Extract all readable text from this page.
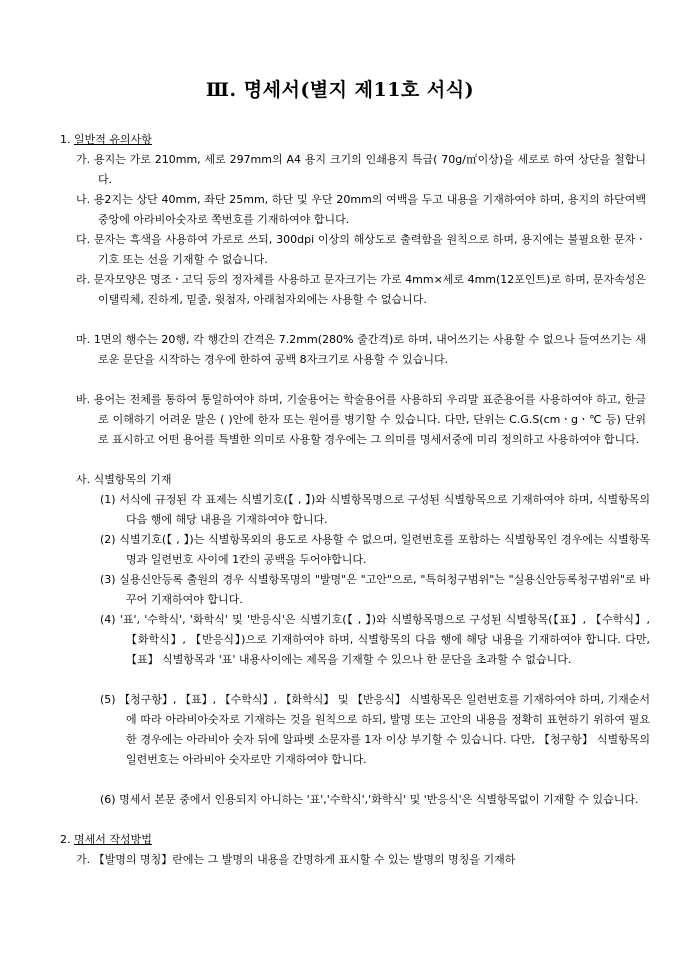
Ⅲ. 명세서(별지 제11호 서식)
1. 일반적 유의사항
가. 용지는 가로 210mm, 세로 297mm의 A4 용지 크기의 인쇄용지 특급( 70g/㎡이상)을 세로로 하여 상단을 철합니다.
나. 용2지는 상단 40mm, 좌단 25mm, 하단 및 우단 20mm의 여백을 두고 내용을 기재하여야 하며, 용지의 하단여백 중앙에 아라비아숫자로 쪽번호를 기재하여야 합니다.
다. 문자는 흑색을 사용하여 가로로 쓰되, 300dpi 이상의 해상도로 출력함을 원칙으로 하며, 용지에는 불필요한 문자ㆍ기호 또는 선을 기재할 수 없습니다.
라. 문자모양은 명조ㆍ고딕 등의 정자체를 사용하고 문자크기는 가로 4mm×세로 4mm(12포인트)로 하며, 문자속성은 이탤릭체, 진하게, 밑줄, 윗첨자, 아래첨자외에는 사용할 수 없습니다.
마. 1면의 행수는 20행, 각 행간의 간격은 7.2mm(280% 줄간격)로 하며, 내어쓰기는 사용할 수 없으나 들여쓰기는 새로운 문단을 시작하는 경우에 한하여 공백 8자크기로 사용할 수 있습니다.
바. 용어는 전체를 통하여 통일하여야 하며, 기술용어는 학술용어를 사용하되 우리말 표준용어를 사용하여야 하고, 한글로 이해하기 어려운 말은 ( )안에 한자 또는 원어를 병기할 수 있습니다. 다만, 단위는 C.G.S(cmㆍgㆍ℃ 등) 단위로 표시하고 어떤 용어를 특별한 의미로 사용할 경우에는 그 의미를 명세서중에 미리 정의하고 사용하여야 합니다.
사. 식별항목의 기재
(1) 서식에 규정된 각 표제는 식별기호(【 , 】)와 식별항목명으로 구성된 식별항목으로 기재하여야 하며, 식별항목의 다음 행에 해당 내용을 기재하여야 합니다.
(2) 식별기호(【 , 】)는 식별항목외의 용도로 사용할 수 없으며, 일련번호를 포함하는 식별항목인 경우에는 식별항목명과 일련번호 사이에 1칸의 공백을 두어야합니다.
(3) 실용신안등록 출원의 경우 식별항목명의 "발명"은 "고안"으로, "특허청구범위"는 "실용신안등록청구범위"로 바꾸어 기재하여야 합니다.
(4) '표', '수학식', '화학식' 및 '반응식'은 식별기호(【 , 】)와 식별항목명으로 구성된 식별항목(【표】, 【수학식】, 【화학식】, 【반응식】)으로 기재하여야 하며, 식별항목의 다음 행에 해당 내용을 기재하여야 합니다. 다만, 【표】 식별항목과 '표' 내용사이에는 제목을 기재할 수 있으나 한 문단을 초과할 수 없습니다.
(5) 【청구항】, 【표】, 【수학식】, 【화학식】 및 【반응식】 식별항목은 일련번호를 기재하여야 하며, 기재순서에 따라 아라비아숫자로 기재하는 것을 원칙으로 하되, 발명 또는 고안의 내용을 정확히 표현하기 위하여 필요한 경우에는 아라비아 숫자 뒤에 알파벳 소문자를 1자 이상 부기할 수 있습니다. 다만, 【청구항】 식별항목의 일련번호는 아라비아 숫자로만 기재하여야 합니다.
(6) 명세서 본문 중에서 인용되지 아니하는 '표','수학식','화학식' 및 '반응식'은 식별항목없이 기재할 수 있습니다.
2. 명세서 작성방법
가. 【발명의 명칭】란에는 그 발명의 내용을 간명하게 표시할 수 있는 발명의 명칭을 기재하
